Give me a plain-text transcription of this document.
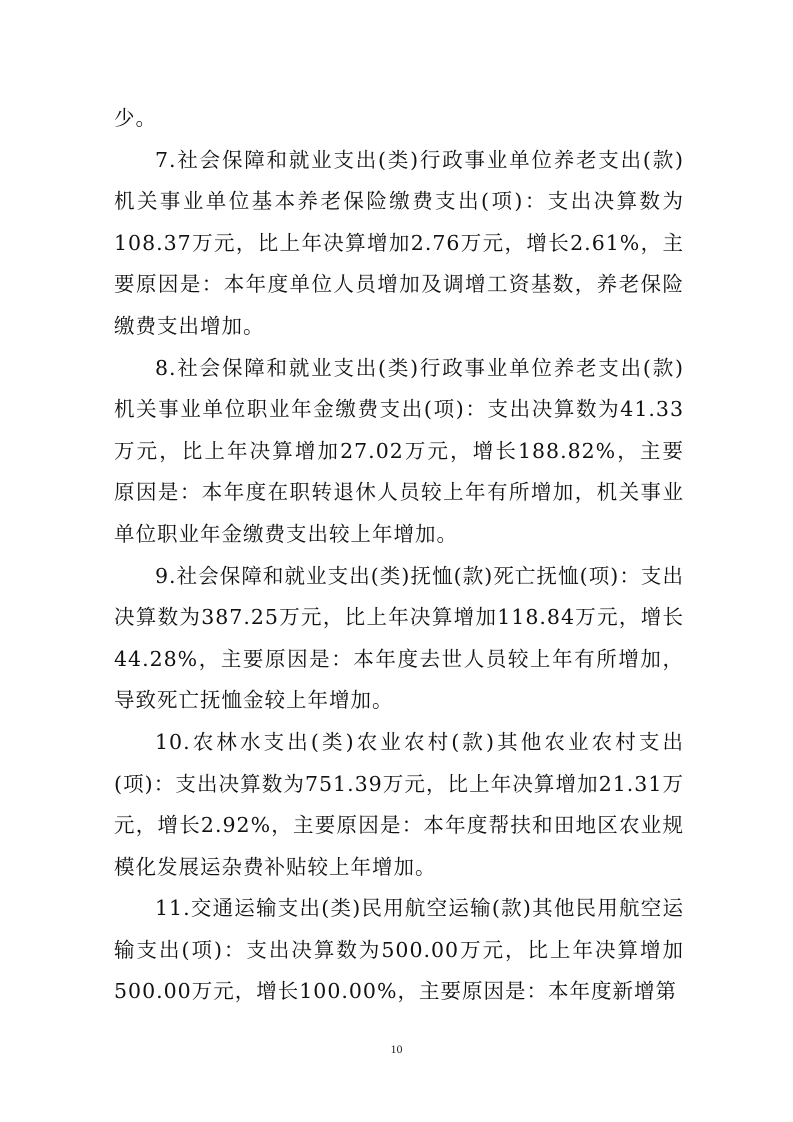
少。

7.社会保障和就业支出(类)行政事业单位养老支出(款)机关事业单位基本养老保险缴费支出(项)：支出决算数为108.37万元，比上年决算增加2.76万元，增长2.61%，主要原因是：本年度单位人员增加及调增工资基数，养老保险缴费支出增加。

8.社会保障和就业支出(类)行政事业单位养老支出(款)机关事业单位职业年金缴费支出(项)：支出决算数为41.33万元，比上年决算增加27.02万元，增长188.82%，主要原因是：本年度在职转退休人员较上年有所增加，机关事业单位职业年金缴费支出较上年增加。

9.社会保障和就业支出(类)抚恤(款)死亡抚恤(项)：支出决算数为387.25万元，比上年决算增加118.84万元，增长44.28%，主要原因是：本年度去世人员较上年有所增加，导致死亡抚恤金较上年增加。

10.农林水支出(类)农业农村(款)其他农业农村支出(项)：支出决算数为751.39万元，比上年决算增加21.31万元，增长2.92%，主要原因是：本年度帮扶和田地区农业规模化发展运杂费补贴较上年增加。

11.交通运输支出(类)民用航空运输(款)其他民用航空运输支出(项)：支出决算数为500.00万元，比上年决算增加500.00万元，增长100.00%，主要原因是：本年度新增第

10
